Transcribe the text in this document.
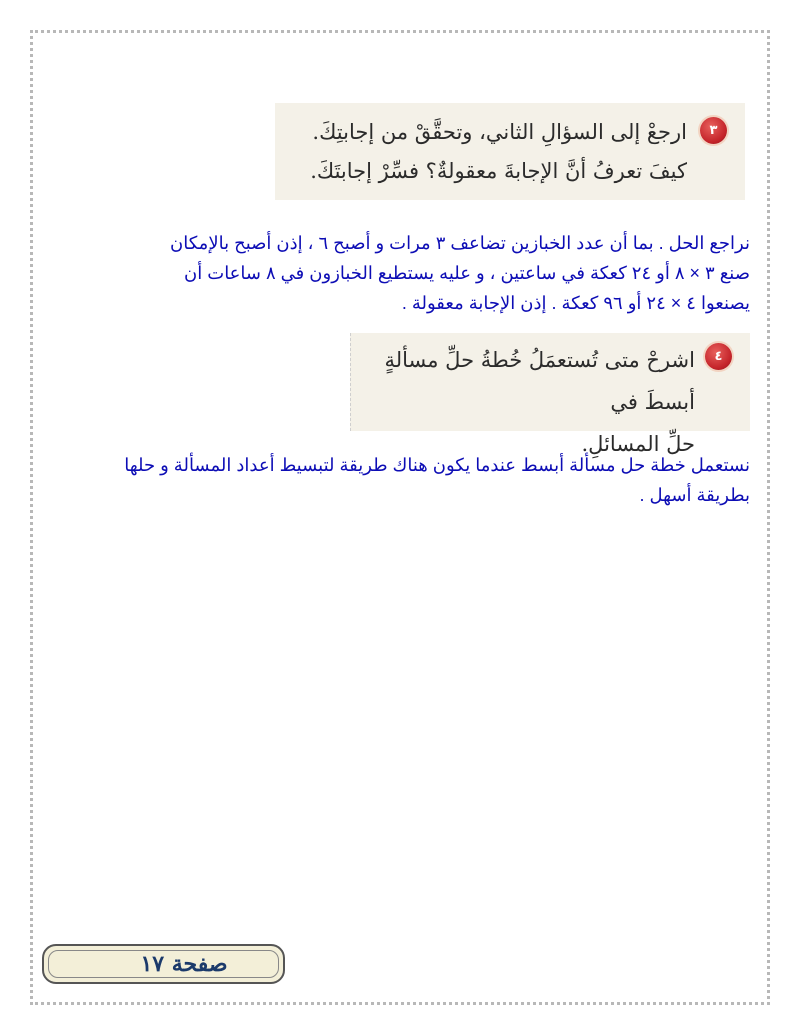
٣
ارجعْ إلى السؤالِ الثاني، وتحقَّقْ من إجابتِكَ.
كيفَ تعرفُ أنَّ الإجابةَ معقولةٌ؟ فسِّرْ إجابتَكَ.
نراجع الحل . بما أن عدد الخبازين تضاعف ٣ مرات و أصبح ٦ ، إذن أصبح بالإمكان
صنع ٣ × ٨ أو ٢٤ كعكة في ساعتين ، و عليه يستطيع الخبازون في ٨ ساعات أن
يصنعوا ٤ × ٢٤ أو ٩٦ كعكة . إذن الإجابة معقولة .
٤
اشرحْ متى تُستعمَلُ خُطةُ حلِّ مسألةٍ أبسطَ في
حلِّ المسائلِ.
نستعمل خطة حل مسألة أبسط عندما يكون هناك طريقة لتبسيط أعداد المسألة و حلها
بطريقة أسهل .
صفحة ١٧
